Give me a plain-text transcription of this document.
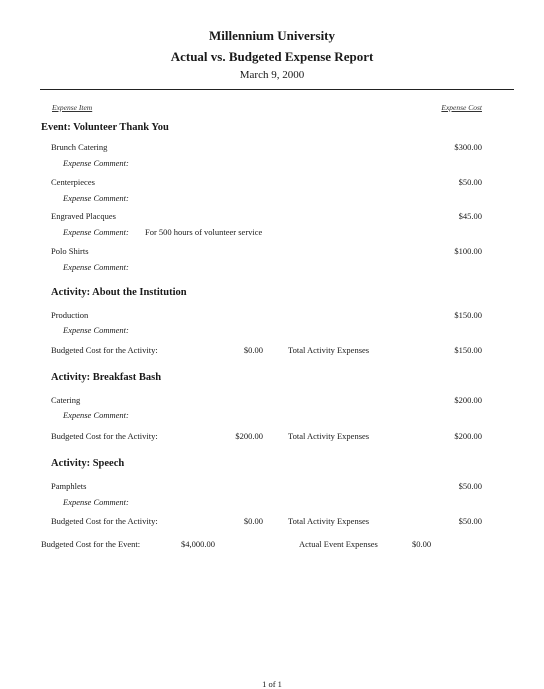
Millennium University
Actual vs. Budgeted Expense Report
March 9, 2000
Expense Item	Expense Cost
Event: Volunteer Thank You
Brunch Catering	$300.00
Expense Comment:
Centerpieces	$50.00
Expense Comment:
Engraved Placques	$45.00
Expense Comment: For 500 hours of volunteer service
Polo Shirts	$100.00
Expense Comment:
Activity: About the Institution
Production	$150.00
Expense Comment:
Budgeted Cost for the Activity:	$0.00	Total Activity Expenses	$150.00
Activity: Breakfast Bash
Catering	$200.00
Expense Comment:
Budgeted Cost for the Activity:	$200.00	Total Activity Expenses	$200.00
Activity: Speech
Pamphlets	$50.00
Expense Comment:
Budgeted Cost for the Activity:	$0.00	Total Activity Expenses	$50.00
Budgeted Cost for the Event:	$4,000.00	Actual Event Expenses	$0.00
1 of 1
